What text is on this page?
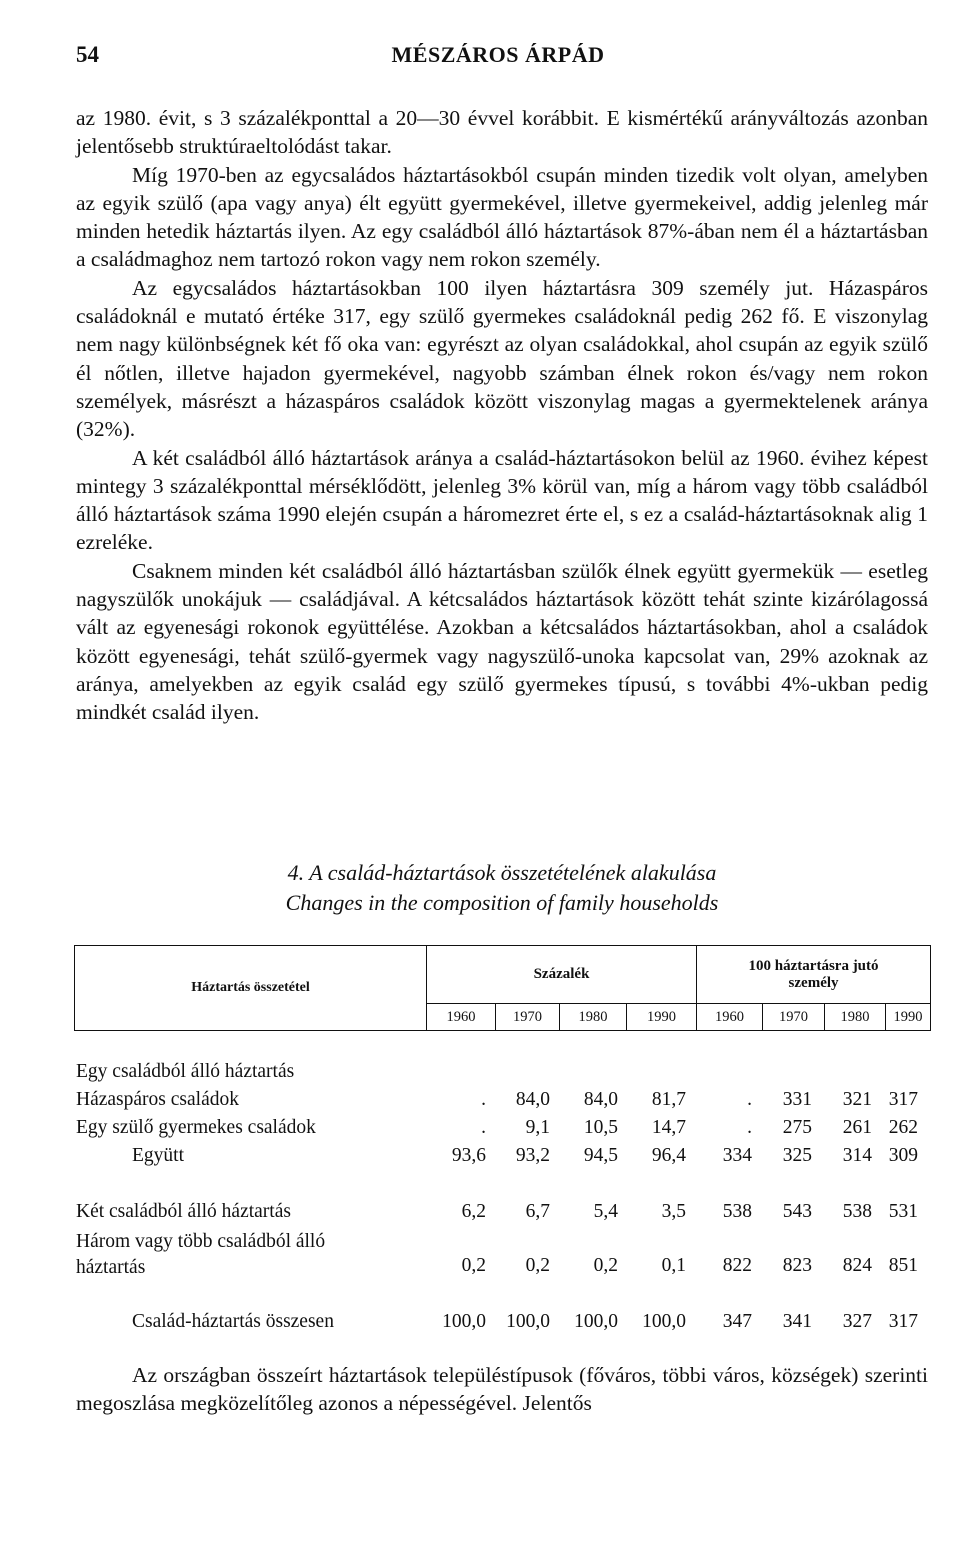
54	MÉSZÁROS ÁRPÁD

az 1980. évit, s 3 százalékponttal a 20—30 évvel korábbit. E kismértékű arányváltozás azonban jelentősebb struktúraeltolódást takar.

Míg 1970-ben az egycsaládos háztartásokból csupán minden tizedik volt olyan, amelyben az egyik szülő (apa vagy anya) élt együtt gyermekével, illetve gyermekeivel, addig jelenleg már minden hetedik háztartás ilyen. Az egy családból álló háztartások 87%-ában nem él a háztartásban a családmaghoz nem tartozó rokon vagy nem rokon személy.

Az egycsaládos háztartásokban 100 ilyen háztartásra 309 személy jut. Házaspáros családoknál e mutató értéke 317, egy szülő gyermekes családoknál pedig 262 fő. E viszonylag nem nagy különbségnek két fő oka van: egyrészt az olyan családokkal, ahol csupán az egyik szülő él nőtlen, illetve hajadon gyermekével, nagyobb számban élnek rokon és/vagy nem rokon személyek, másrészt a házaspáros családok között viszonylag magas a gyermektelenek aránya (32%).

A két családból álló háztartások aránya a család-háztartásokon belül az 1960. évihez képest mintegy 3 százalékponttal mérséklődött, jelenleg 3% körül van, míg a három vagy több családból álló háztartások száma 1990 elején csupán a háromezret érte el, s ez a család-háztartásoknak alig 1 ezreléke.

Csaknem minden két családból álló háztartásban szülők élnek együtt gyermekük — esetleg nagyszülők unokájuk — családjával. A kétcsaládos háztartások között tehát szinte kizárólagossá vált az egyenesági rokonok együttélése. Azokban a kétcsaládos háztartásokban, ahol a családok között egyenesági, tehát szülő-gyermek vagy nagyszülő-unoka kapcsolat van, 29% azoknak az aránya, amelyekben az egyik család egy szülő gyermekes típusú, s további 4%-ukban pedig mindkét család ilyen.

4. A család-háztartások összetételének alakulása
Changes in the composition of family households
Háztartás összetétel	Százalék				100 háztartásra jutó
személy			

	1960	1970	1980	1990	1960	1970	1980	1990
Egy családból álló háztartás
Házaspáros családok	.	84,0	84,0	81,7	.	331	321 317
Egy szülő gyermekes családok	.	9,1	10,5	14,7	.	275	261 262
Együtt	93,6	93,2	94,5	96,4	334	325	314 309
Két családból álló háztartás	6,2	6,7	5,4	3,5	538	543	538 531
Három vagy több családból álló
háztartás	0,2	0,2	0,2	0,1	822	823	824 851
Család-háztartás összesen	100,0	100,0	100,0	100,0	347	341	327 317

Az országban összeírt háztartások településtípusok (főváros, többi város, községek) szerinti megoszlása megközelítőleg azonos a népességével. Jelentős
